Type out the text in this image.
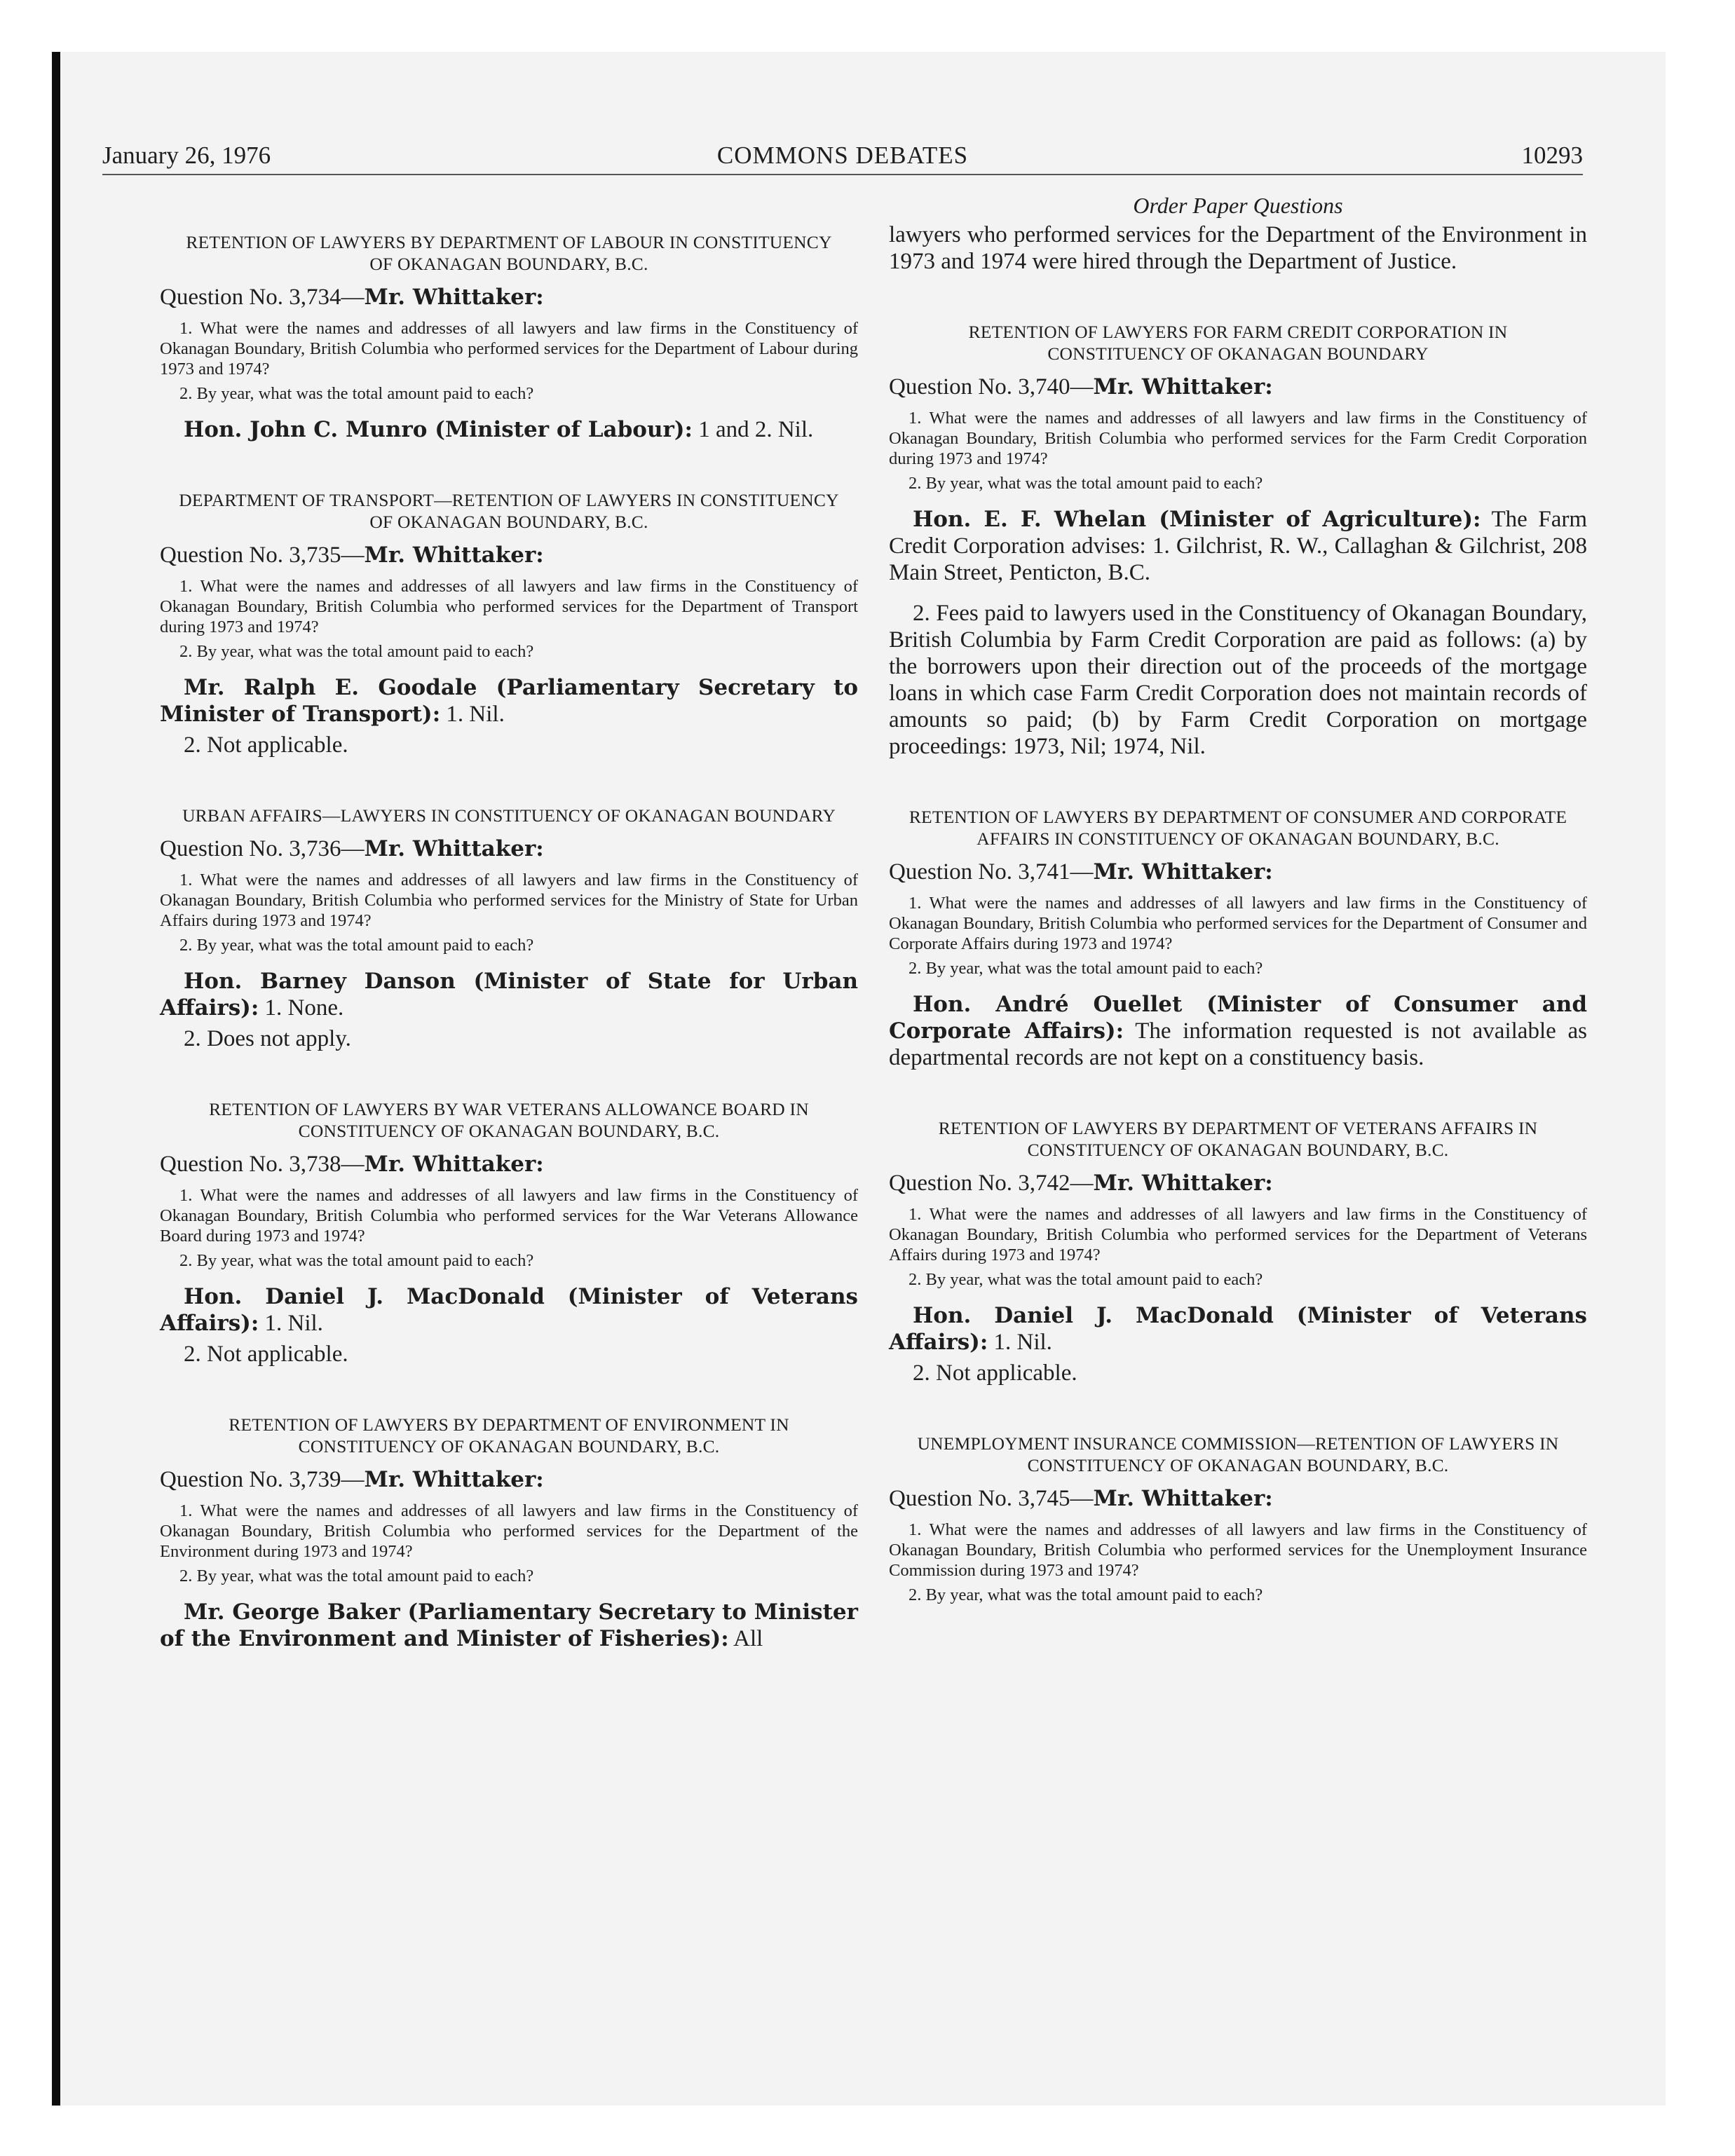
January 26, 1976	COMMONS DEBATES	10293
RETENTION OF LAWYERS BY DEPARTMENT OF LABOUR IN CONSTITUENCY OF OKANAGAN BOUNDARY, B.C.
Question No. 3,734—Mr. Whittaker:

1. What were the names and addresses of all lawyers and law firms in the Constituency of Okanagan Boundary, British Columbia who performed services for the Department of Labour during 1973 and 1974?

2. By year, what was the total amount paid to each?

Hon. John C. Munro (Minister of Labour): 1 and 2. Nil.

DEPARTMENT OF TRANSPORT—RETENTION OF LAWYERS IN CONSTITUENCY OF OKANAGAN BOUNDARY, B.C.
Question No. 3,735—Mr. Whittaker:

1. What were the names and addresses of all lawyers and law firms in the Constituency of Okanagan Boundary, British Columbia who performed services for the Department of Transport during 1973 and 1974?

2. By year, what was the total amount paid to each?

Mr. Ralph E. Goodale (Parliamentary Secretary to Minister of Transport): 1. Nil.

2. Not applicable.

URBAN AFFAIRS—LAWYERS IN CONSTITUENCY OF OKANAGAN BOUNDARY
Question No. 3,736—Mr. Whittaker:

1. What were the names and addresses of all lawyers and law firms in the Constituency of Okanagan Boundary, British Columbia who performed services for the Ministry of State for Urban Affairs during 1973 and 1974?

2. By year, what was the total amount paid to each?

Hon. Barney Danson (Minister of State for Urban Affairs): 1. None.

2. Does not apply.

RETENTION OF LAWYERS BY WAR VETERANS ALLOWANCE BOARD IN CONSTITUENCY OF OKANAGAN BOUNDARY, B.C.
Question No. 3,738—Mr. Whittaker:

1. What were the names and addresses of all lawyers and law firms in the Constituency of Okanagan Boundary, British Columbia who performed services for the War Veterans Allowance Board during 1973 and 1974?

2. By year, what was the total amount paid to each?

Hon. Daniel J. MacDonald (Minister of Veterans Affairs): 1. Nil.

2. Not applicable.

RETENTION OF LAWYERS BY DEPARTMENT OF ENVIRONMENT IN CONSTITUENCY OF OKANAGAN BOUNDARY, B.C.
Question No. 3,739—Mr. Whittaker:

1. What were the names and addresses of all lawyers and law firms in the Constituency of Okanagan Boundary, British Columbia who performed services for the Department of the Environment during 1973 and 1974?

2. By year, what was the total amount paid to each?

Mr. George Baker (Parliamentary Secretary to Minister of the Environment and Minister of Fisheries): All

Order Paper Questions

lawyers who performed services for the Department of the Environment in 1973 and 1974 were hired through the Department of Justice.

RETENTION OF LAWYERS FOR FARM CREDIT CORPORATION IN CONSTITUENCY OF OKANAGAN BOUNDARY
Question No. 3,740—Mr. Whittaker:

1. What were the names and addresses of all lawyers and law firms in the Constituency of Okanagan Boundary, British Columbia who performed services for the Farm Credit Corporation during 1973 and 1974?

2. By year, what was the total amount paid to each?

Hon. E. F. Whelan (Minister of Agriculture): The Farm Credit Corporation advises: 1. Gilchrist, R. W., Callaghan & Gilchrist, 208 Main Street, Penticton, B.C.

2. Fees paid to lawyers used in the Constituency of Okanagan Boundary, British Columbia by Farm Credit Corporation are paid as follows: (a) by the borrowers upon their direction out of the proceeds of the mortgage loans in which case Farm Credit Corporation does not maintain records of amounts so paid; (b) by Farm Credit Corporation on mortgage proceedings: 1973, Nil; 1974, Nil.

RETENTION OF LAWYERS BY DEPARTMENT OF CONSUMER AND CORPORATE AFFAIRS IN CONSTITUENCY OF OKANAGAN BOUNDARY, B.C.
Question No. 3,741—Mr. Whittaker:

1. What were the names and addresses of all lawyers and law firms in the Constituency of Okanagan Boundary, British Columbia who performed services for the Department of Consumer and Corporate Affairs during 1973 and 1974?

2. By year, what was the total amount paid to each?

Hon. André Ouellet (Minister of Consumer and Corporate Affairs): The information requested is not available as departmental records are not kept on a constituency basis.

RETENTION OF LAWYERS BY DEPARTMENT OF VETERANS AFFAIRS IN CONSTITUENCY OF OKANAGAN BOUNDARY, B.C.
Question No. 3,742—Mr. Whittaker:

1. What were the names and addresses of all lawyers and law firms in the Constituency of Okanagan Boundary, British Columbia who performed services for the Department of Veterans Affairs during 1973 and 1974?

2. By year, what was the total amount paid to each?

Hon. Daniel J. MacDonald (Minister of Veterans Affairs): 1. Nil.

2. Not applicable.

UNEMPLOYMENT INSURANCE COMMISSION—RETENTION OF LAWYERS IN CONSTITUENCY OF OKANAGAN BOUNDARY, B.C.
Question No. 3,745—Mr. Whittaker:

1. What were the names and addresses of all lawyers and law firms in the Constituency of Okanagan Boundary, British Columbia who performed services for the Unemployment Insurance Commission during 1973 and 1974?

2. By year, what was the total amount paid to each?
